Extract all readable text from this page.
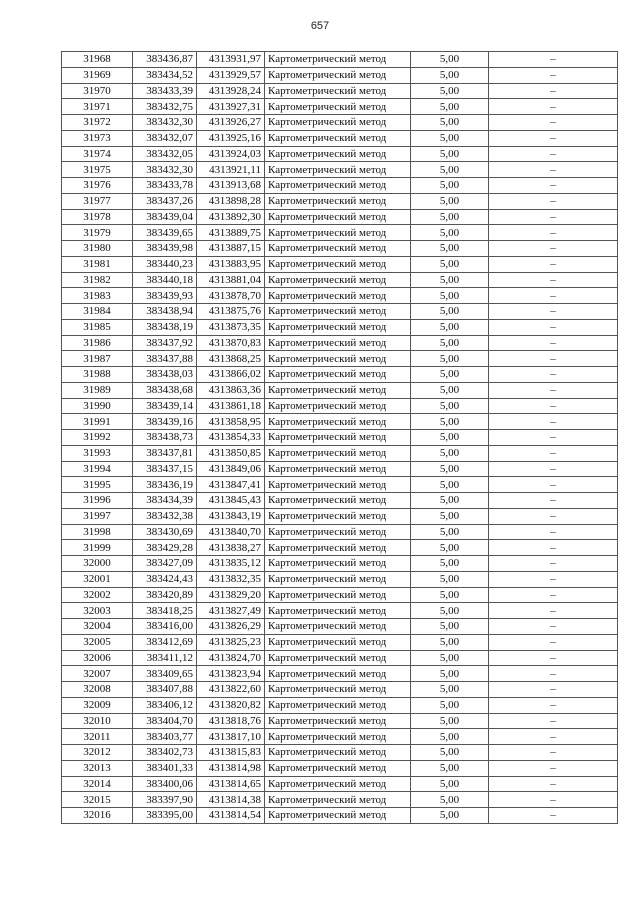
657
31968	383436,87	4313931,97	Картометрический метод	5,00	–
31969	383434,52	4313929,57	Картометрический метод	5,00	–
31970	383433,39	4313928,24	Картометрический метод	5,00	–
31971	383432,75	4313927,31	Картометрический метод	5,00	–
31972	383432,30	4313926,27	Картометрический метод	5,00	–
31973	383432,07	4313925,16	Картометрический метод	5,00	–
31974	383432,05	4313924,03	Картометрический метод	5,00	–
31975	383432,30	4313921,11	Картометрический метод	5,00	–
31976	383433,78	4313913,68	Картометрический метод	5,00	–
31977	383437,26	4313898,28	Картометрический метод	5,00	–
31978	383439,04	4313892,30	Картометрический метод	5,00	–
31979	383439,65	4313889,75	Картометрический метод	5,00	–
31980	383439,98	4313887,15	Картометрический метод	5,00	–
31981	383440,23	4313883,95	Картометрический метод	5,00	–
31982	383440,18	4313881,04	Картометрический метод	5,00	–
31983	383439,93	4313878,70	Картометрический метод	5,00	–
31984	383438,94	4313875,76	Картометрический метод	5,00	–
31985	383438,19	4313873,35	Картометрический метод	5,00	–
31986	383437,92	4313870,83	Картометрический метод	5,00	–
31987	383437,88	4313868,25	Картометрический метод	5,00	–
31988	383438,03	4313866,02	Картометрический метод	5,00	–
31989	383438,68	4313863,36	Картометрический метод	5,00	–
31990	383439,14	4313861,18	Картометрический метод	5,00	–
31991	383439,16	4313858,95	Картометрический метод	5,00	–
31992	383438,73	4313854,33	Картометрический метод	5,00	–
31993	383437,81	4313850,85	Картометрический метод	5,00	–
31994	383437,15	4313849,06	Картометрический метод	5,00	–
31995	383436,19	4313847,41	Картометрический метод	5,00	–
31996	383434,39	4313845,43	Картометрический метод	5,00	–
31997	383432,38	4313843,19	Картометрический метод	5,00	–
31998	383430,69	4313840,70	Картометрический метод	5,00	–
31999	383429,28	4313838,27	Картометрический метод	5,00	–
32000	383427,09	4313835,12	Картометрический метод	5,00	–
32001	383424,43	4313832,35	Картометрический метод	5,00	–
32002	383420,89	4313829,20	Картометрический метод	5,00	–
32003	383418,25	4313827,49	Картометрический метод	5,00	–
32004	383416,00	4313826,29	Картометрический метод	5,00	–
32005	383412,69	4313825,23	Картометрический метод	5,00	–
32006	383411,12	4313824,70	Картометрический метод	5,00	–
32007	383409,65	4313823,94	Картометрический метод	5,00	–
32008	383407,88	4313822,60	Картометрический метод	5,00	–
32009	383406,12	4313820,82	Картометрический метод	5,00	–
32010	383404,70	4313818,76	Картометрический метод	5,00	–
32011	383403,77	4313817,10	Картометрический метод	5,00	–
32012	383402,73	4313815,83	Картометрический метод	5,00	–
32013	383401,33	4313814,98	Картометрический метод	5,00	–
32014	383400,06	4313814,65	Картометрический метод	5,00	–
32015	383397,90	4313814,38	Картометрический метод	5,00	–
32016	383395,00	4313814,54	Картометрический метод	5,00	–
